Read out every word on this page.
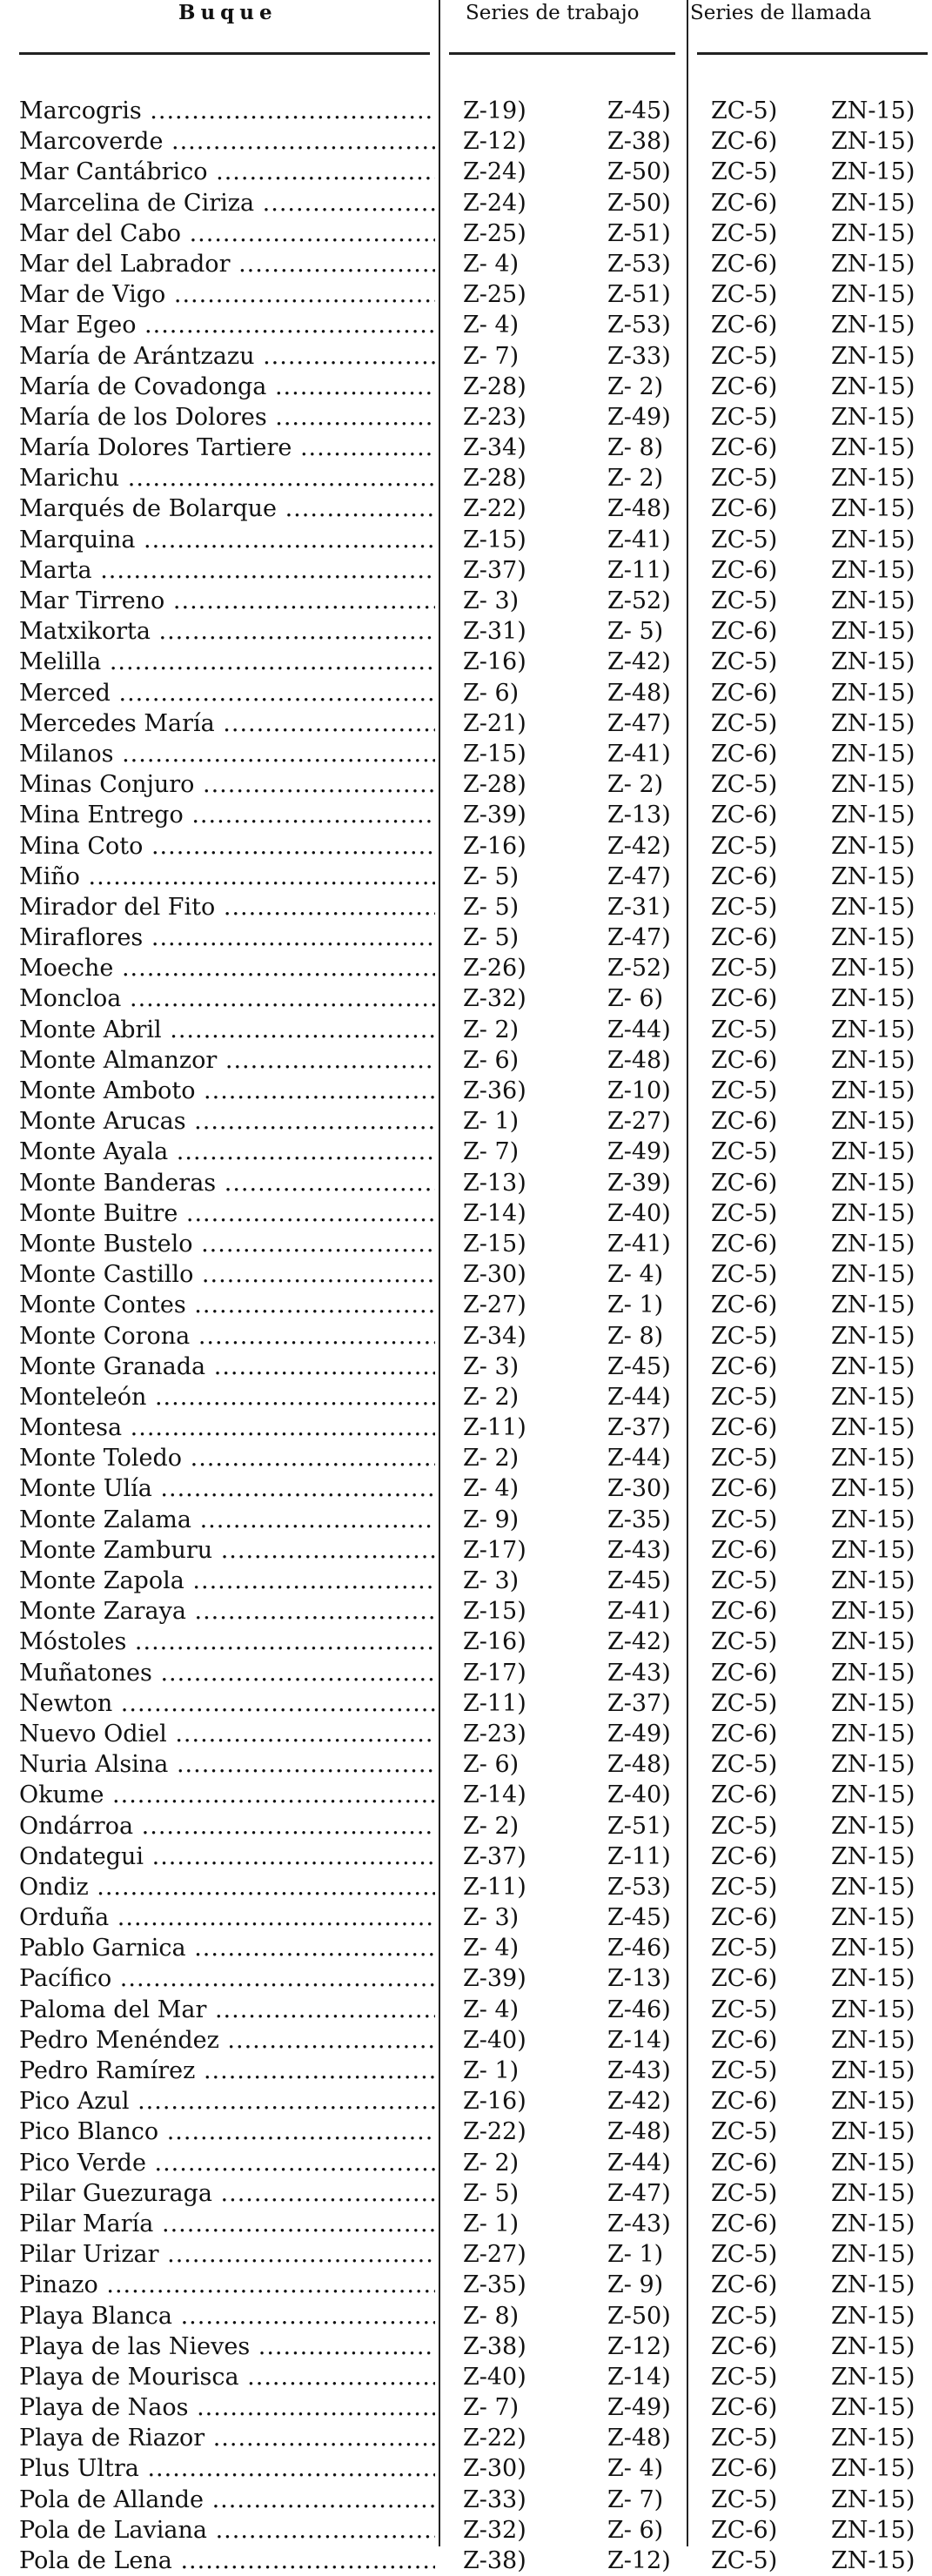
Buque	Series de trabajo	Series de llamada
Marcogris .....	Z-19)	Z-45) ZC-5) ZN-15)
Marcoverde .....	Z-12)	Z-38) ZC-6) ZN-15)
Mar Cantábrico .....	Z-24)	Z-50) ZC-5) ZN-15)
Marcelina de Ciriza .....	Z-24)	Z-50) ZC-6) ZN-15)
Mar del Cabo .....	Z-25)	Z-51) ZC-5) ZN-15)
Mar del Labrador .....	Z- 4)	Z-53) ZC-6) ZN-15)
Mar de Vigo .....	Z-25)	Z-51) ZC-5) ZN-15)
Mar Egeo .....	Z- 4)	Z-53) ZC-6) ZN-15)
María de Arántzazu .....	Z- 7)	Z-33) ZC-5) ZN-15)
María de Covadonga .....	Z-28)	Z- 2) ZC-6) ZN-15)
María de los Dolores .....	Z-23)	Z-49) ZC-5) ZN-15)
María Dolores Tartiere .....	Z-34)	Z- 8) ZC-6) ZN-15)
Marichu .....	Z-28)	Z- 2) ZC-5) ZN-15)
Marqués de Bolarque .....	Z-22)	Z-48) ZC-6) ZN-15)
Marquina .....	Z-15)	Z-41) ZC-5) ZN-15)
Marta .....	Z-37)	Z-11) ZC-6) ZN-15)
Mar Tirreno .....	Z- 3)	Z-52) ZC-5) ZN-15)
Matxikorta .....	Z-31)	Z- 5) ZC-6) ZN-15)
Melilla .....	Z-16)	Z-42) ZC-5) ZN-15)
Merced .....	Z- 6)	Z-48) ZC-6) ZN-15)
Mercedes María .....	Z-21)	Z-47) ZC-5) ZN-15)
Milanos .....	Z-15)	Z-41) ZC-6) ZN-15)
Minas Conjuro .....	Z-28)	Z- 2) ZC-5) ZN-15)
Mina Entrego .....	Z-39)	Z-13) ZC-6) ZN-15)
Mina Coto .....	Z-16)	Z-42) ZC-5) ZN-15)
Miño .....	Z- 5)	Z-47) ZC-6) ZN-15)
Mirador del Fito .....	Z- 5)	Z-31) ZC-5) ZN-15)
Miraflores .....	Z- 5)	Z-47) ZC-6) ZN-15)
Moeche .....	Z-26)	Z-52) ZC-5) ZN-15)
Moncloa .....	Z-32)	Z- 6) ZC-6) ZN-15)
Monte Abril .....	Z- 2)	Z-44) ZC-5) ZN-15)
Monte Almanzor .....	Z- 6)	Z-48) ZC-6) ZN-15)
Monte Amboto .....	Z-36)	Z-10) ZC-5) ZN-15)
Monte Arucas .....	Z- 1)	Z-27) ZC-6) ZN-15)
Monte Ayala .....	Z- 7)	Z-49) ZC-5) ZN-15)
Monte Banderas .....	Z-13)	Z-39) ZC-6) ZN-15)
Monte Buitre .....	Z-14)	Z-40) ZC-5) ZN-15)
Monte Bustelo .....	Z-15)	Z-41) ZC-6) ZN-15)
Monte Castillo .....	Z-30)	Z- 4) ZC-5) ZN-15)
Monte Contes .....	Z-27)	Z- 1) ZC-6) ZN-15)
Monte Corona .....	Z-34)	Z- 8) ZC-5) ZN-15)
Monte Granada .....	Z- 3)	Z-45) ZC-6) ZN-15)
Monteleón .....	Z- 2)	Z-44) ZC-5) ZN-15)
Montesa .....	Z-11)	Z-37) ZC-6) ZN-15)
Monte Toledo .....	Z- 2)	Z-44) ZC-5) ZN-15)
Monte Ulía .....	Z- 4)	Z-30) ZC-6) ZN-15)
Monte Zalama .....	Z- 9)	Z-35) ZC-5) ZN-15)
Monte Zamburu .....	Z-17)	Z-43) ZC-6) ZN-15)
Monte Zapola .....	Z- 3)	Z-45) ZC-5) ZN-15)
Monte Zaraya .....	Z-15)	Z-41) ZC-6) ZN-15)
Móstoles .....	Z-16)	Z-42) ZC-5) ZN-15)
Muñatones .....	Z-17)	Z-43) ZC-6) ZN-15)
Newton .....	Z-11)	Z-37) ZC-5) ZN-15)
Nuevo Odiel .....	Z-23)	Z-49) ZC-6) ZN-15)
Nuria Alsina .....	Z- 6)	Z-48) ZC-5) ZN-15)
Okume .....	Z-14)	Z-40) ZC-6) ZN-15)
Ondárroa .....	Z- 2)	Z-51) ZC-5) ZN-15)
Ondategui .....	Z-37)	Z-11) ZC-6) ZN-15)
Ondiz .....	Z-11)	Z-53) ZC-5) ZN-15)
Orduña .....	Z- 3)	Z-45) ZC-6) ZN-15)
Pablo Garnica .....	Z- 4)	Z-46) ZC-5) ZN-15)
Pacífico .....	Z-39)	Z-13) ZC-6) ZN-15)
Paloma del Mar .....	Z- 4)	Z-46) ZC-5) ZN-15)
Pedro Menéndez .....	Z-40)	Z-14) ZC-6) ZN-15)
Pedro Ramírez .....	Z- 1)	Z-43) ZC-5) ZN-15)
Pico Azul .....	Z-16)	Z-42) ZC-6) ZN-15)
Pico Blanco .....	Z-22)	Z-48) ZC-5) ZN-15)
Pico Verde .....	Z- 2)	Z-44) ZC-6) ZN-15)
Pilar Guezuraga .....	Z- 5)	Z-47) ZC-5) ZN-15)
Pilar María .....	Z- 1)	Z-43) ZC-6) ZN-15)
Pilar Urizar .....	Z-27)	Z- 1) ZC-5) ZN-15)
Pinazo .....	Z-35)	Z- 9) ZC-6) ZN-15)
Playa Blanca .....	Z- 8)	Z-50) ZC-5) ZN-15)
Playa de las Nieves .....	Z-38)	Z-12) ZC-6) ZN-15)
Playa de Mourisca .....	Z-40)	Z-14) ZC-5) ZN-15)
Playa de Naos .....	Z- 7)	Z-49) ZC-6) ZN-15)
Playa de Riazor .....	Z-22)	Z-48) ZC-5) ZN-15)
Plus Ultra .....	Z-30)	Z- 4) ZC-6) ZN-15)
Pola de Allande .....	Z-33)	Z- 7) ZC-5) ZN-15)
Pola de Laviana .....	Z-32)	Z- 6) ZC-6) ZN-15)
Pola de Lena .....	Z-38)	Z-12) ZC-5) ZN-15)
